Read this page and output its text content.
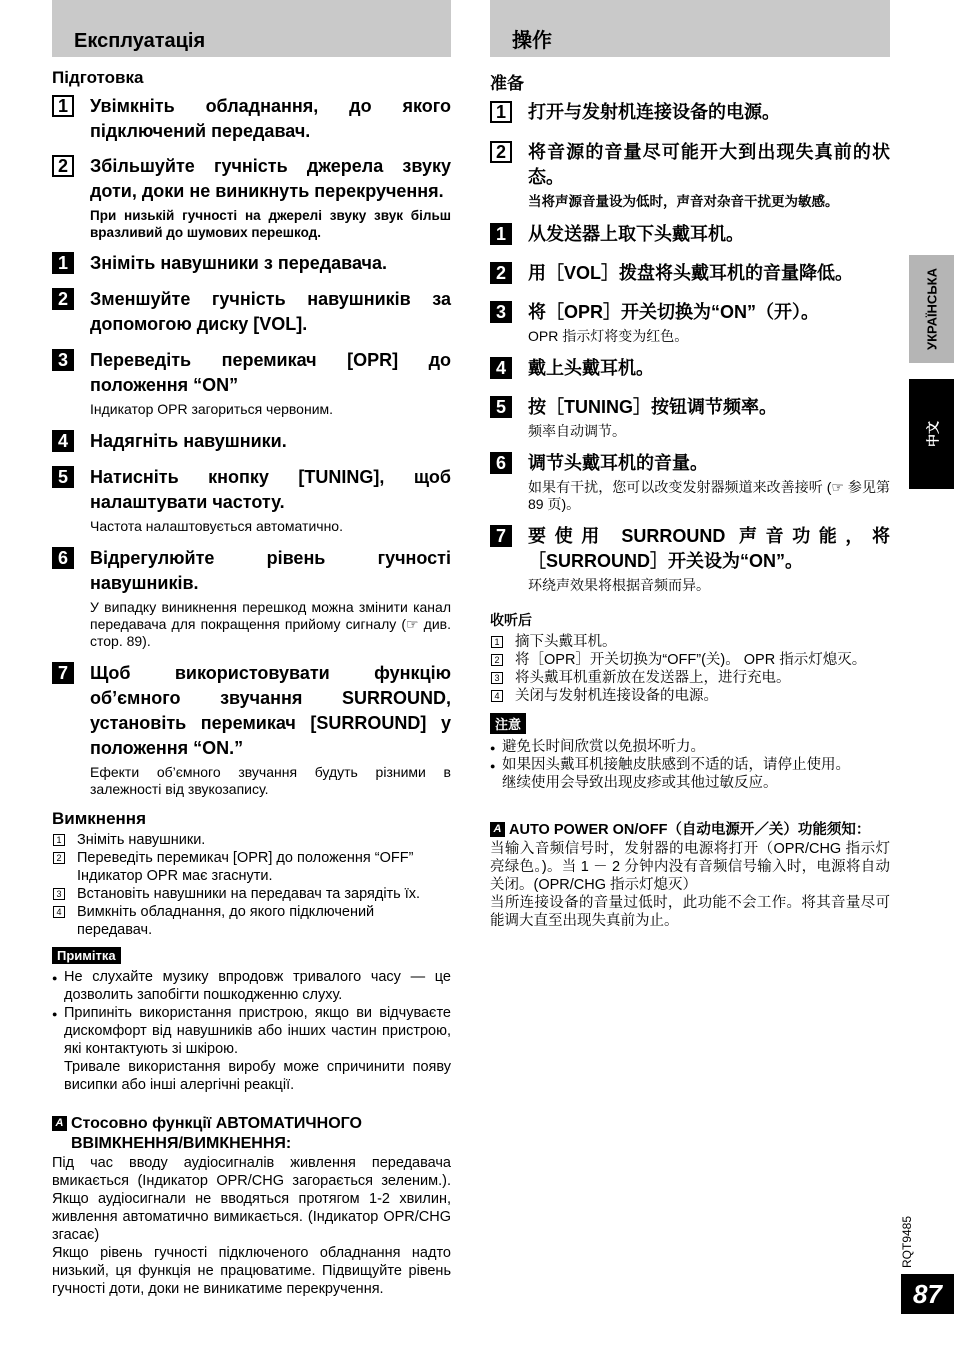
Експлуатація
Підготовка
1	Увімкніть обладнання, до якого підключений передавач.
2	Збільшуйте гучність джерела звуку доти, доки не виникнуть перекручення.
При низькій гучності на джерелі звуку звук більш вразливий до шумових перешкод.
1	Зніміть навушники з передавача.
2	Зменшуйте гучність навушників за допомогою диску [VOL].
3	Переведіть перемикач [OPR] до положення “ON”
Індикатор OPR загориться червоним.
4	Надягніть навушники.
5	Натисніть кнопку [TUNING], щоб налаштувати частоту.
Частота налаштовується автоматично.
6	Відрегулюйте рівень гучності навушників.
У випадку виникнення перешкод можна змінити канал передавача для покращення прийому сигналу (☞ див. стор. 89).
7	Щоб використовувати функцію об’ємного звучання SURROUND, установіть перемикач [SURROUND] у положення “ON.”
Ефекти об’ємного звучання будуть різними в залежності від звукозапису.
Вимкнення
1 Зніміть навушники.
2 Переведіть перемикач [OPR] до положення “OFF” Індикатор OPR має згаснути.
3 Встановіть навушники на передавач та зарядіть їх.
4 Вимкніть обладнання, до якого підключений передавач.
Примітка
● Не слухайте музику впродовж тривалого часу — це дозволить запобігти пошкодженню слуху.
● Припиніть використання пристрою, якщо ви відчуваєте дискомфорт від навушників або інших частин пристрою, які контактують зі шкірою.
Тривале використання виробу може спричинити появу висипки або інші алергічні реакції.
A Стосовно функції АВТОМАТИЧНОГО ВВІМКНЕННЯ/ВИМКНЕННЯ:
Під час вводу аудіосигналів живлення передавача вмикається (Індикатор OPR/CHG загорається зеленим.). Якщо аудіосигнали не вводяться протягом 1-2 хвилин, живлення автоматично вимикається. (Індикатор OPR/CHG згасає)
Якщо рівень гучності підключеного обладнання надто низький, ця функція не працюватиме. Підвищуйте рівень гучності доти, доки не виникатиме перекручення.
操作
准备
1	打开与发射机连接设备的电源。
2	将音源的音量尽可能开大到出现失真前的状态。
当将声源音量设为低时，声音对杂音干扰更为敏感。
1	从发送器上取下头戴耳机。
2	用［VOL］拨盘将头戴耳机的音量降低。
3	将［OPR］开关切换为“ON”（开）。
OPR 指示灯将变为红色。
4	戴上头戴耳机。
5	按［TUNING］按钮调节频率。
频率自动调节。
6	调节头戴耳机的音量。
如果有干扰，您可以改变发射器频道来改善接听 (☞ 参见第 89 页)。
7	要使用 SURROUND 声音功能，将［SURROUND］开关设为“ON”。
环绕声效果将根据音频而异。
收听后
1 摘下头戴耳机。
2 将［OPR］开关切换为“OFF”(关)。 OPR 指示灯熄灭。
3 将头戴耳机重新放在发送器上，进行充电。
4 关闭与发射机连接设备的电源。
注意
● 避免长时间欣赏以免损坏听力。
● 如果因头戴耳机接触皮肤感到不适的话，请停止使用。
继续使用会导致出现皮疹或其他过敏反应。
A AUTO POWER ON/OFF（自动电源开／关）功能须知：
当输入音频信号时，发射器的电源将打开（OPR/CHG 指示灯亮绿色。)。当 1 － 2 分钟内没有音频信号输入时，电源将自动关闭。(OPR/CHG 指示灯熄灭）
当所连接设备的音量过低时，此功能不会工作。将其音量尽可能调大直至出现失真前为止。
УКРАЇНСЬКА
中文
RQT9485
87
